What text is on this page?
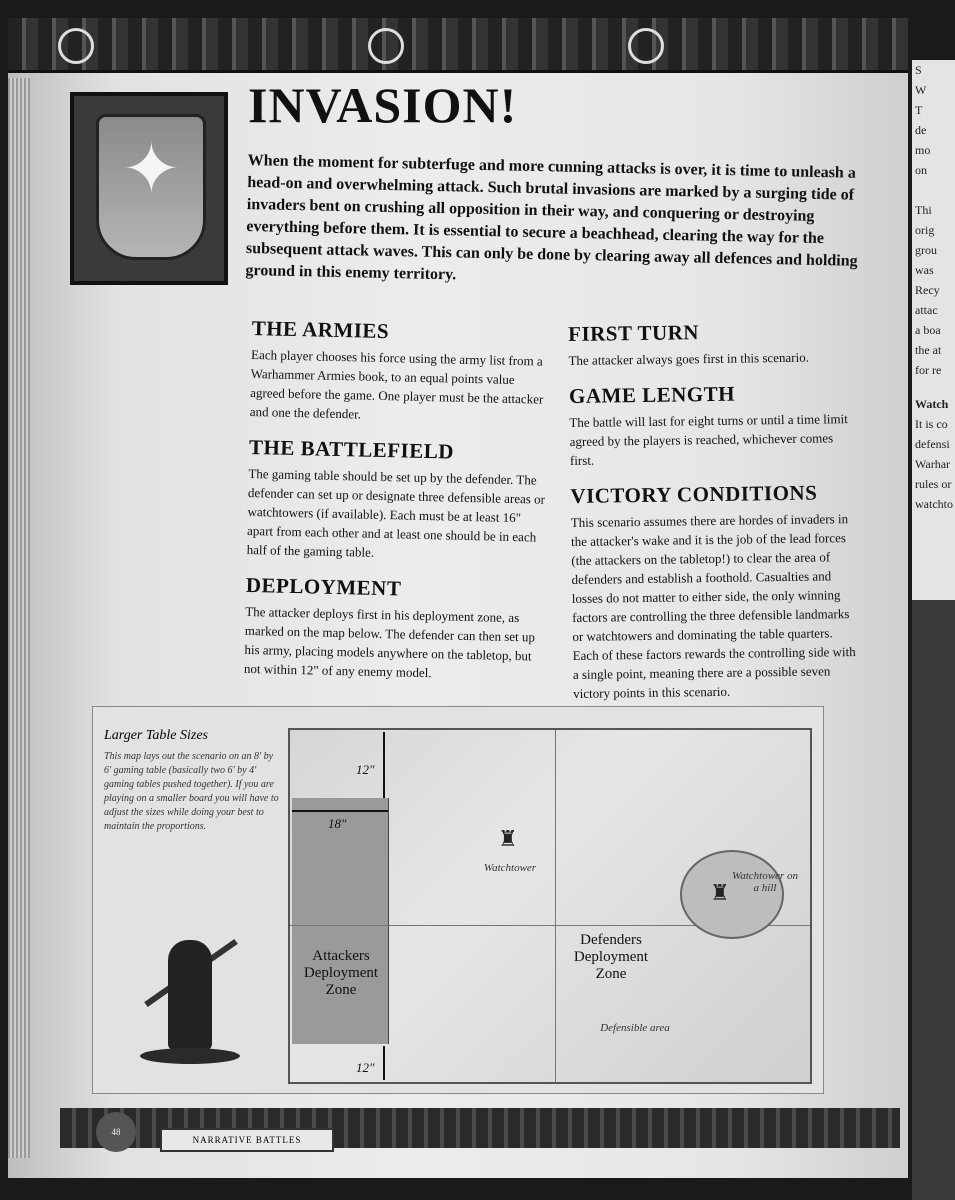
✦
INVASION!
When the moment for subterfuge and more cunning attacks is over, it is time to unleash a head-on and overwhelming attack. Such brutal invasions are marked by a surging tide of invaders bent on crushing all opposition in their way, and conquering or destroying everything before them. It is essential to secure a beachhead, clearing the way for the subsequent attack waves. This can only be done by clearing away all defences and holding ground in this enemy territory.
THE ARMIES

Each player chooses his force using the army list from a Warhammer Armies book, to an equal points value agreed before the game. One player must be the attacker and one the defender.

THE BATTLEFIELD

The gaming table should be set up by the defender. The defender can set up or designate three defensible areas or watchtowers (if available). Each must be at least 16" apart from each other and at least one should be in each half of the gaming table.

DEPLOYMENT

The attacker deploys first in his deployment zone, as marked on the map below. The defender can then set up his army, placing models anywhere on the tabletop, but not within 12" of any enemy model.

FIRST TURN

The attacker always goes first in this scenario.

GAME LENGTH

The battle will last for eight turns or until a time limit agreed by the players is reached, whichever comes first.

VICTORY CONDITIONS

This scenario assumes there are hordes of invaders in the attacker's wake and it is the job of the lead forces (the attackers on the tabletop!) to clear the area of defenders and establish a foothold. Casualties and losses do not matter to either side, the only winning factors are controlling the three defensible landmarks or watchtowers and dominating the table quarters. Each of these factors rewards the controlling side with a single point, meaning there are a possible seven victory points in this scenario.

Larger Table Sizes
This map lays out the scenario on an 8' by 6' gaming table (basically two 6' by 4' gaming tables pushed together). If you are playing on a smaller board you will have to adjust the sizes while doing your best to maintain the proportions.
12"
18"
12"
Attackers Deployment Zone
Defenders Deployment Zone
♜
Watchtower
♜
Watchtower on a hill
Defensible area
48
NARRATIVE BATTLES
S
W
T
de
mo
on
Thi
orig
grou
was
Recy
attac
a boa
the at
for re
Watch
It is co
defensi
Warhar
rules or
watchto
